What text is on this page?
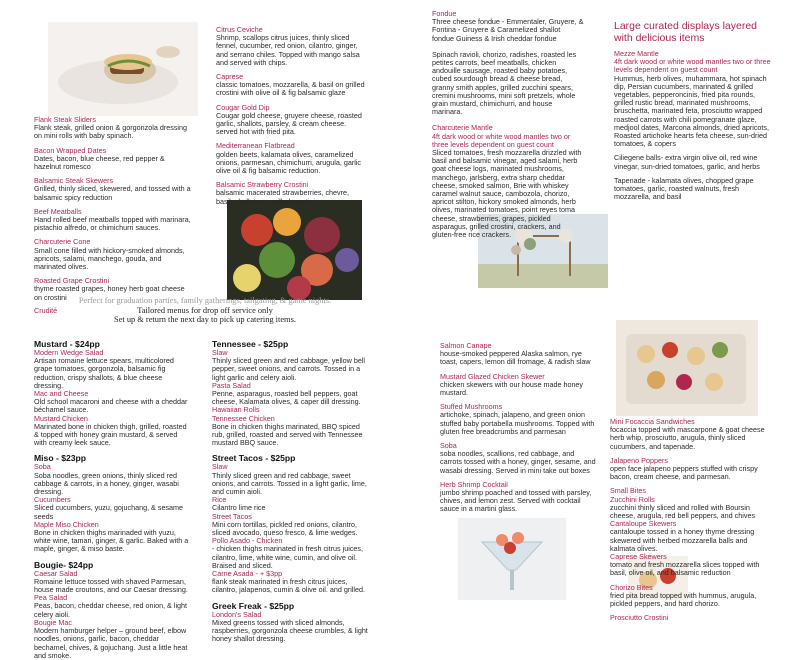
Flank Steak Sliders

Flank steak, grilled onion & gorgonzola dressing on mini rolls with baby spinach.

Bacon Wrapped Dates

Dates, bacon, blue cheese, red pepper & hazelnut romesco

Balsamic Steak Skewers

Grilled, thinly sliced, skewered, and tossed with a balsamic spicy reduction

Beef Meatballs

Hand rolled beef meatballs topped with marinara, pistachio alfredo, or chimichurri sauces.

Charcuterie Cone

Small cone filled with hickory-smoked almonds, apricots, salami, manchego, gouda, and marinated olives.

Roasted Grape Crostini

thyme roasted grapes, honey herb goat cheese on crostini

Crudité

Citrus Ceviche

Shrimp, scallops citrus juices, thinly sliced fennel, cucumber, red onion, cilantro, ginger, and serrano chiles. Topped with mango salsa and served with chips.

Caprese

classic tomatoes, mozzarella, & basil on grilled crostini with olive oil & fig balsamic glaze

Cougar Gold Dip

Cougar gold cheese, gruyere cheese, roasted garlic, shallots, parsley, & cream cheese. served hot with fried pita.

Mediterranean Flatbread

golden beets, kalamata olives, caramelized onions, parmesan, chimichurri, arugula, garlic olive oil & fig balsamic reduction.

Balsamic Strawberry Crostini

balsamic macerated strawberries, chevre, basil, shallots on grilled crostini

Perfect for graduation parties, family gatherings, tailgating, & game nights.
Tailored menus for drop off service only
Set up & return the next day to pick up catering items.

Mustard - $24pp

Modern Wedge Salad

Artisan romaine lettuce spears, multicolored grape tomatoes, gorgonzola, balsamic fig reduction, crispy shallots, & blue cheese dressing.

Mac and Cheese

Old school macaroni and cheese with a cheddar béchamel sauce.

Mustard Chicken

Marinated bone in chicken thigh, grilled, roasted & topped with honey grain mustard, & served with creamy leek sauce.

Miso - $23pp

Soba

Soba noodles, green onions, thinly sliced red cabbage & carrots, in a honey, ginger, wasabi dressing.

Cucumbers

Sliced cucumbers, yuzu, gojuchang, & sesame seeds

Maple Miso Chicken

Bone in chicken thighs marinaded with yuzu, white wine, tamari, ginger, & garlic. Baked with a maple, ginger, & miso baste.

Bougie- $24pp

Caesar Salad

Romaine lettuce tossed with shaved Parmesan, house made croutons, and our Caesar dressing.

Pea Salad

Peas, bacon, cheddar cheese, red onion, & light celery aioli.

Bougie Mac

Modern hamburger helper – ground beef, elbow noodles, onions, garlic, bacon, cheddar bechamel, chives, & gojuchang. Just a little heat and smoke.

Tennessee - $25pp

Slaw

Thinly sliced green and red cabbage, yellow bell pepper, sweet onions, and carrots. Tossed in a light garlic and celery aioli.

Pasta Salad

Penne, asparagus, roasted bell peppers, goat cheese, Kalamata olives, & caper dill dressing.

Hawaiian Rolls

Tennessee Chicken

Bone in chicken thighs marinated, BBQ spiced rub, grilled, roasted and served with Tennessee mustard BBQ sauce.

Street Tacos - $25pp

Slaw

Thinly sliced green and red cabbage, sweet onions, and carrots. Tossed in a light garlic, lime, and cumin aioli.

Rice

Cilantro lime rice

Street Tacos

Mini corn tortillas, pickled red onions, cilantro, sliced avocado, queso fresco, & lime wedges.

Pollo Asado - Chicken

- chicken thighs marinated in fresh citrus juices, cilantro, lime, white wine, cumin, and olive oil. Braised and sliced.

Carne Asada - + $3pp

flank steak marinated in fresh citrus juices, cilantro, jalapenos, cumin & olive oil. and grilled.

Greek Freak - $25pp

London's Salad

Mixed greens tossed with sliced almonds, raspberries, gorgonzola cheese crumbles, & light honey shallot dressing.

Fondue

Three cheese fondue - Emmentaler, Gruyere, & Fontina - Gruyere & Caramelized shallot fondue Guiness & Irish cheddar fondue

Spinach ravioli, chorizo, radishes, roasted les petites carrots, beef meatballs, chicken andouille sausage, roasted baby potatoes, cubed sourdough bread & cheese bread, granny smith apples, grilled zucchini spears, cremini mushrooms, mini soft pretzels, whole grain mustard, chimichurri, and house marinara.

Charcuterie Mantle

4ft dark wood or white wood mantles two or three levels dependent on guest count

Sliced tomatoes, fresh mozzarella drizzled with basil and balsamic vinegar, aged salami, herb goat cheese logs, marinated mushrooms, manchego, jarlsberg, extra sharp cheddar cheese, smoked salmon, Brie with whiskey caramel walnut sauce, cambozola, chorizo, apricot stilton, hickory smoked almonds, herb olives, marinated tomatoes, point reyes toma cheese, strawberries, grapes, pickled asparagus, grilled crostini, crackers, and gluten-free rice crackers.

Large curated displays layered with delicious items

Mezze Mantle

4ft dark wood or white wood mantles two or three levels dependent on guest count

Hummus, herb olives, muhammara, hot spinach dip, Persian cucumbers, marinated & grilled vegetables, pepperoncinis, fried pita rounds, grilled rustic bread, marinated mushrooms, bruschetta, marinated feta, prosciutto wrapped roasted carrots with chili pomegranate glaze, medjool dates, Marcona almonds, dried apricots, Roasted artichoke hearts feta cheese, sun-dried tomatoes, & copers

Ciliegene balls- extra virgin olive oil, red wine vinegar, sun-dried tomatoes, garlic, and herbs

Tapenade - kalamata olives, chopped grape tomatoes, garlic, roasted walnuts, fresh mozzarella, and basil

Salmon Canape

house-smoked peppered Alaska salmon, rye toast, capers, lemon dill fromage, & radish slaw

Mustard Glazed Chicken Skewer

chicken skewers with our house made honey mustard.

Stuffed Mushrooms

artichoke, spinach, jalapeno, and green onion stuffed baby portabella mushrooms. Topped with gluten free breadcrumbs and parmesan

Soba

soba noodles, scallions, red cabbage, and carrots tossed with a honey, ginger, sesame, and wasabi dressing. Served in mini take out boxes

Herb Shrimp Cocktail

jumbo shrimp poached and tossed with parsley, chives, and lemon zest. Served with cocktail sauce in a martini glass.

Mini Focaccia Sandwiches

focaccia topped with mascarpone & goat cheese herb whip, prosciutto, arugula, thinly sliced cucumbers, and tapenade.

Jalapeno Poppers

open face jalapeno peppers stuffed with crispy bacon, cream cheese, and parmesan.

Small Bites

Zucchini Rolls

zucchini thinly sliced and rolled with Boursin cheese, arugula, red bell peppers, and chives

Cantaloupe Skewers

cantaloupe tossed in a honey thyme dressing skewered with herbed mozzarella balls and kalmata olives.

Caprese Skewers

tomato and fresh mozzarella slices topped with basil, olive oil, and balsamic reduction

Chorizo Bites

fried pita bread topped with hummus, arugula, pickled peppers, and hard chorizo.

Prosciutto Crostini
